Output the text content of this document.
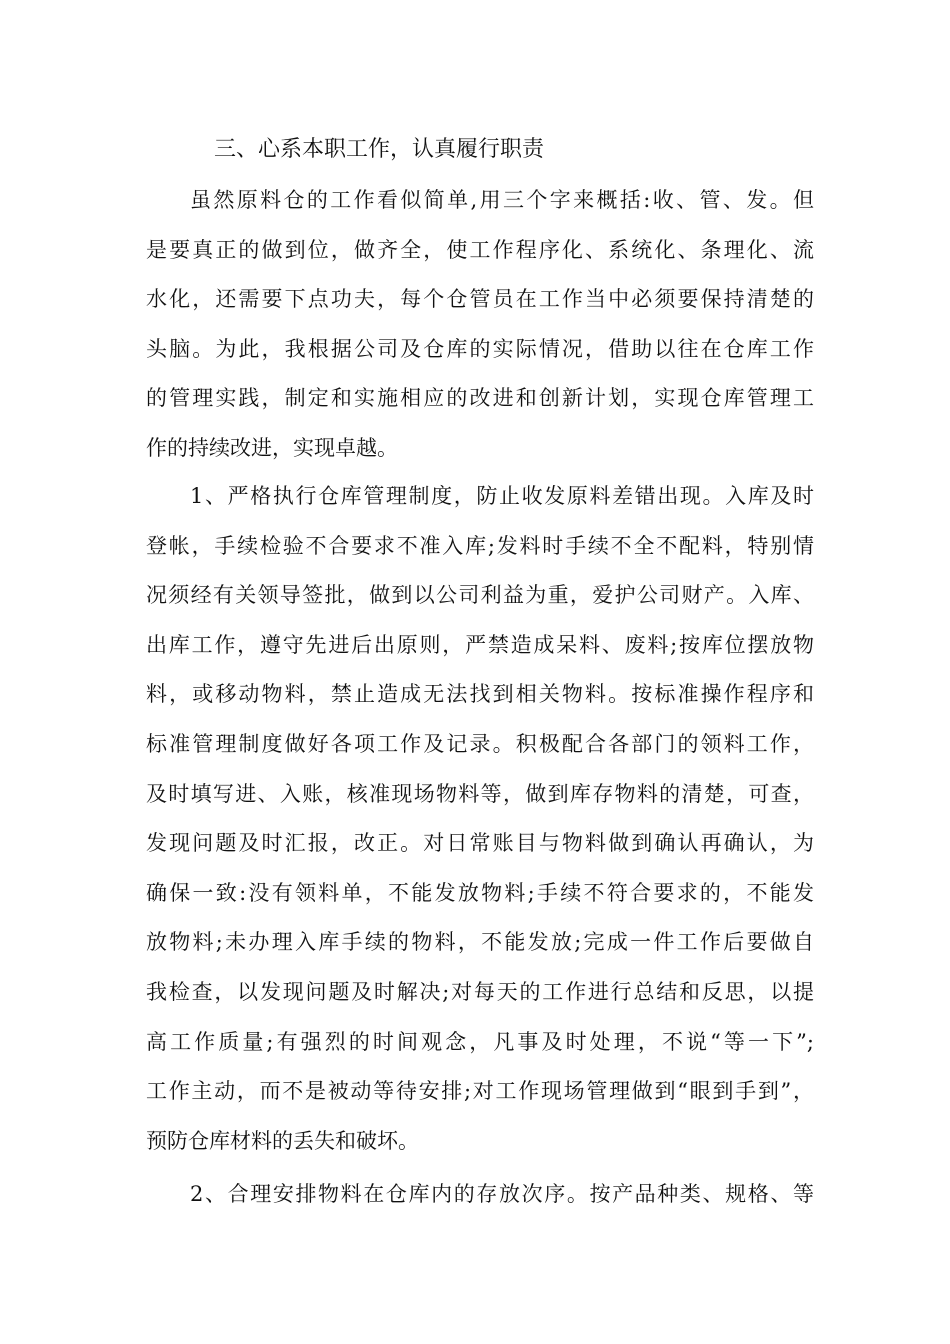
三、心系本职工作，认真履行职责
虽然原料仓的工作看似简单,用三个字来概括:收、管、发。但
是要真正的做到位，做齐全，使工作程序化、系统化、条理化、流
水化，还需要下点功夫，每个仓管员在工作当中必须要保持清楚的
头脑。为此，我根据公司及仓库的实际情况，借助以往在仓库工作
的管理实践，制定和实施相应的改进和创新计划，实现仓库管理工
作的持续改进，实现卓越。
1、严格执行仓库管理制度，防止收发原料差错出现。入库及时
登帐，手续检验不合要求不准入库;发料时手续不全不配料，特别情
况须经有关领导签批，做到以公司利益为重，爱护公司财产。入库、
出库工作，遵守先进后出原则，严禁造成呆料、废料;按库位摆放物
料，或移动物料，禁止造成无法找到相关物料。按标准操作程序和
标准管理制度做好各项工作及记录。积极配合各部门的领料工作，
及时填写进、入账，核准现场物料等，做到库存物料的清楚，可查，
发现问题及时汇报，改正。对日常账目与物料做到确认再确认，为
确保一致:没有领料单，不能发放物料;手续不符合要求的，不能发
放物料;未办理入库手续的物料，不能发放;完成一件工作后要做自
我检查，以发现问题及时解决;对每天的工作进行总结和反思，以提
高工作质量;有强烈的时间观念，凡事及时处理，不说“等一下”;
工作主动，而不是被动等待安排;对工作现场管理做到“眼到手到”，
预防仓库材料的丢失和破坏。
2、合理安排物料在仓库内的存放次序。按产品种类、规格、等
